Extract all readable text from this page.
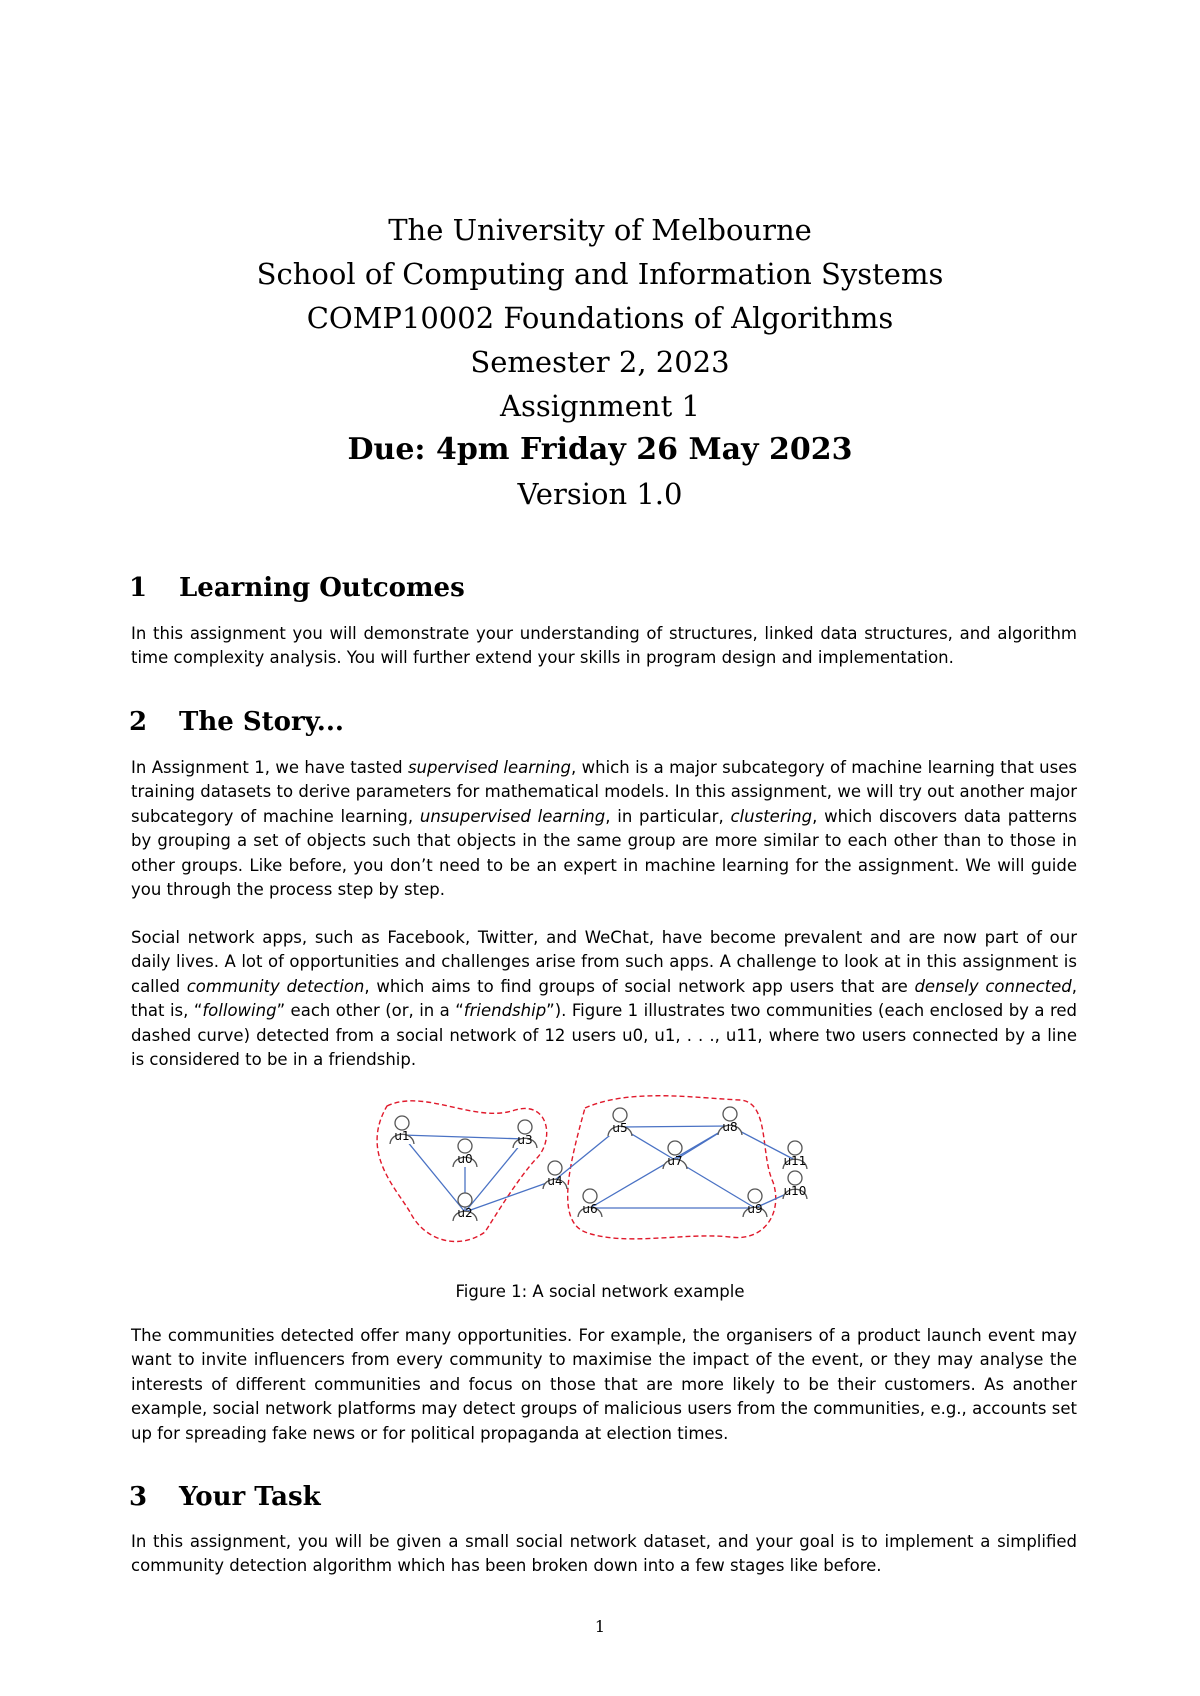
The University of Melbourne
School of Computing and Information Systems
COMP10002 Foundations of Algorithms
Semester 2, 2023
Assignment 1
Due: 4pm Friday 26 May 2023
Version 1.0
1 Learning Outcomes
In this assignment you will demonstrate your understanding of structures, linked data structures, and algorithm time complexity analysis. You will further extend your skills in program design and implementation.
2 The Story...
In Assignment 1, we have tasted supervised learning, which is a major subcategory of machine learning that uses training datasets to derive parameters for mathematical models. In this assignment, we will try out another major subcategory of machine learning, unsupervised learning, in particular, clustering, which discovers data patterns by grouping a set of objects such that objects in the same group are more similar to each other than to those in other groups. Like before, you don’t need to be an expert in machine learning for the assignment. We will guide you through the process step by step.
Social network apps, such as Facebook, Twitter, and WeChat, have become prevalent and are now part of our daily lives. A lot of opportunities and challenges arise from such apps. A challenge to look at in this assignment is called community detection, which aims to find groups of social network app users that are densely connected, that is, “following” each other (or, in a “friendship”). Figure 1 illustrates two communities (each enclosed by a red dashed curve) detected from a social network of 12 users u0, u1, . . ., u11, where two users connected by a line is considered to be in a friendship.
u0
u1
u2
u3
u4
u5
u6
u7
u8
u9
u10
u11
Figure 1: A social network example
The communities detected offer many opportunities. For example, the organisers of a product launch event may want to invite influencers from every community to maximise the impact of the event, or they may analyse the interests of different communities and focus on those that are more likely to be their customers. As another example, social network platforms may detect groups of malicious users from the communities, e.g., accounts set up for spreading fake news or for political propaganda at election times.
3 Your Task
In this assignment, you will be given a small social network dataset, and your goal is to implement a simplified community detection algorithm which has been broken down into a few stages like before.
1
